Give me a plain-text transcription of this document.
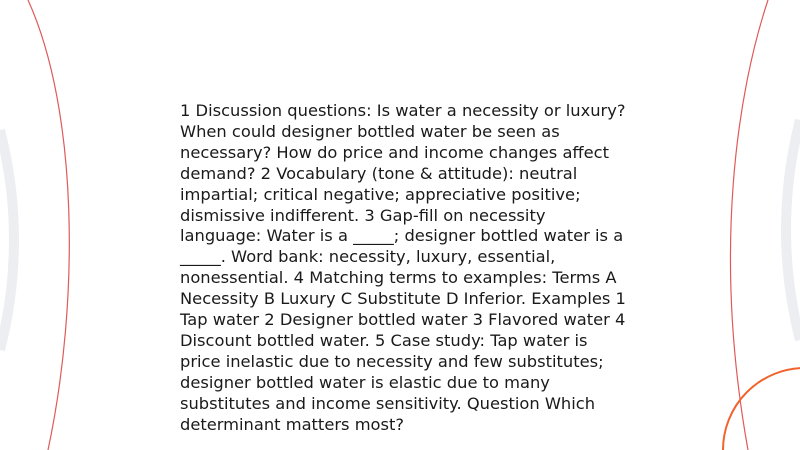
1 Discussion questions: Is water a necessity or luxury? When could designer bottled water be seen as necessary? How do price and income changes affect demand? 2 Vocabulary (tone & attitude): neutral impartial; critical negative; appreciative positive; dismissive indifferent. 3 Gap-fill on necessity language: Water is a _____; designer bottled water is a _____. Word bank: necessity, luxury, essential, nonessential. 4 Matching terms to examples: Terms A Necessity B Luxury C Substitute D Inferior. Examples 1 Tap water 2 Designer bottled water 3 Flavored water 4 Discount bottled water. 5 Case study: Tap water is price inelastic due to necessity and few substitutes; designer bottled water is elastic due to many substitutes and income sensitivity. Question Which determinant matters most?
